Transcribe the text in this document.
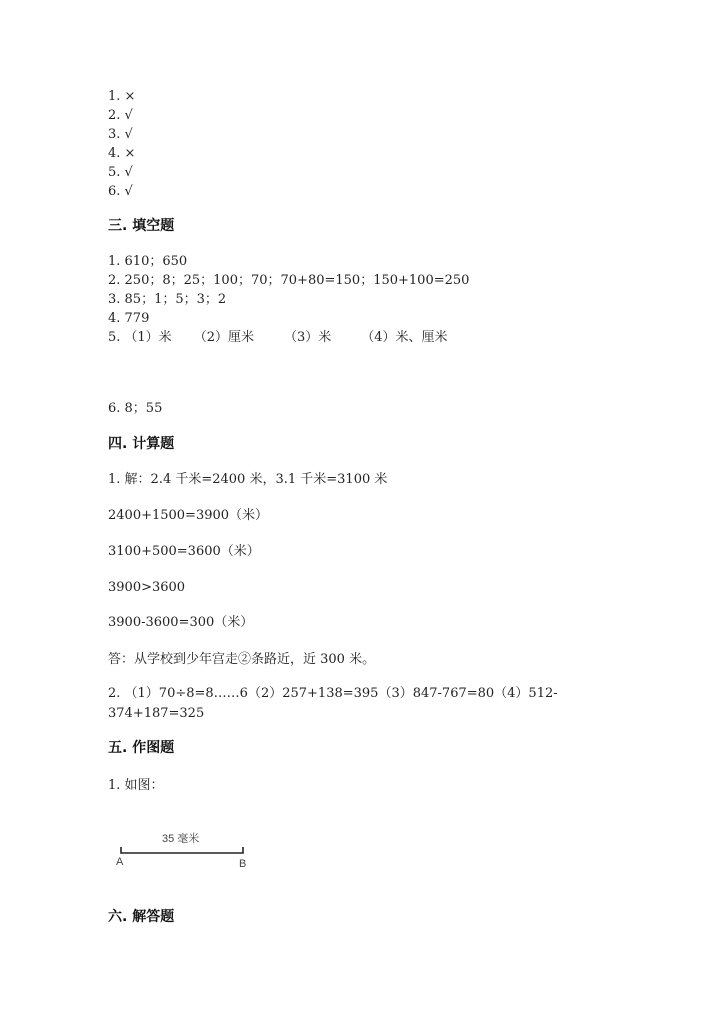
1. ×
2. √
3. √
4. ×
5. √
6. √
三. 填空题
1. 610；650
2. 250；8；25；100；70；70+80=150；150+100=250
3. 85；1；5；3；2
4. 779
5. （1）米 （2）厘米 （3）米 （4）米、厘米
6. 8；55
四. 计算题
1. 解：2.4 千米=2400 米，3.1 千米=3100 米
2400+1500=3900（米）
3100+500=3600（米）
3900>3600
3900-3600=300（米）
答：从学校到少年宫走②条路近，近 300 米。
2. （1）70÷8=8……6（2）257+138=395（3）847-767=80（4）512-
374+187=325
五. 作图题
1. 如图：
35 毫米
A	B
六. 解答题
